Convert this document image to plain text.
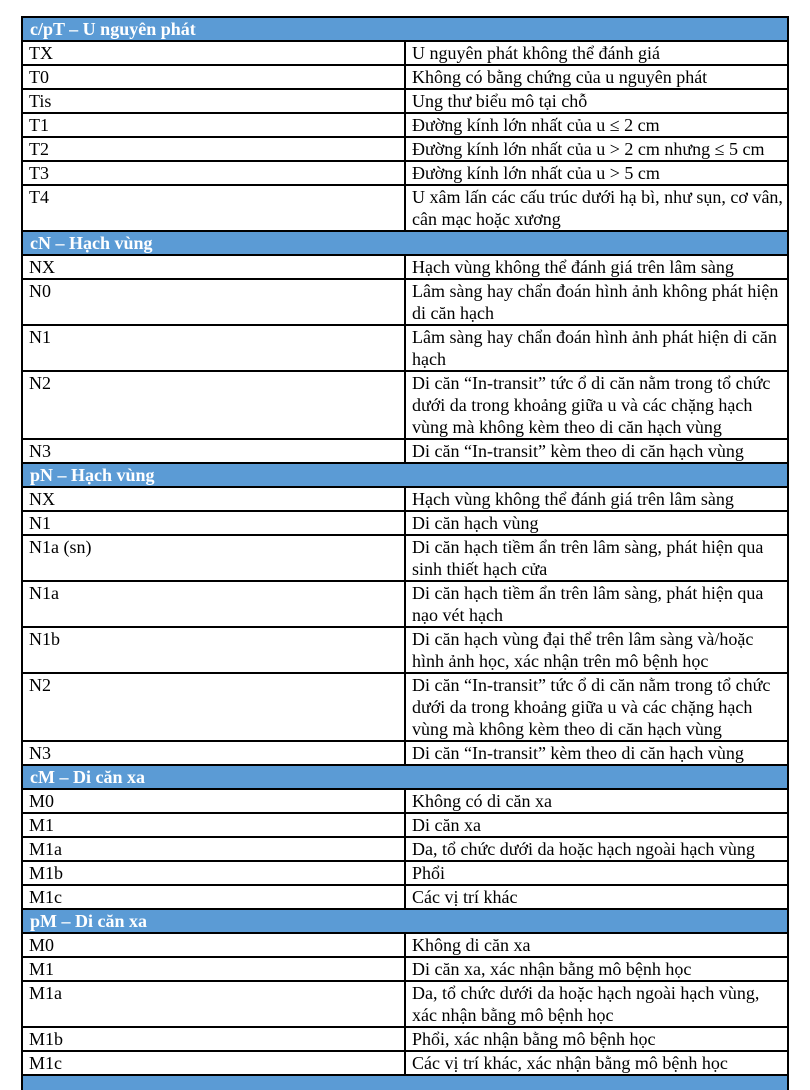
c/pT – U nguyên phát	
TX	U nguyên phát không thể đánh giá
T0	Không có bằng chứng của u nguyên phát
Tis	Ung thư biểu mô tại chỗ
T1	Đường kính lớn nhất của u ≤ 2 cm
T2	Đường kính lớn nhất của u > 2 cm nhưng ≤ 5 cm
T3	Đường kính lớn nhất của u > 5 cm
T4	U xâm lấn các cấu trúc dưới hạ bì, như sụn, cơ vân, cân mạc hoặc xương
cN – Hạch vùng	
NX	Hạch vùng không thể đánh giá trên lâm sàng
N0	Lâm sàng hay chẩn đoán hình ảnh không phát hiện di căn hạch
N1	Lâm sàng hay chẩn đoán hình ảnh phát hiện di căn hạch
N2	Di căn “In-transit” tức ổ di căn nằm trong tổ chức dưới da trong khoảng giữa u và các chặng hạch vùng mà không kèm theo di căn hạch vùng
N3	Di căn “In-transit” kèm theo di căn hạch vùng
pN – Hạch vùng	
NX	Hạch vùng không thể đánh giá trên lâm sàng
N1	Di căn hạch vùng
N1a (sn)	Di căn hạch tiềm ẩn trên lâm sàng, phát hiện qua sinh thiết hạch cửa
N1a	Di căn hạch tiềm ẩn trên lâm sàng, phát hiện qua nạo vét hạch
N1b	Di căn hạch vùng đại thể trên lâm sàng và/hoặc hình ảnh học, xác nhận trên mô bệnh học
N2	Di căn “In-transit” tức ổ di căn nằm trong tổ chức dưới da trong khoảng giữa u và các chặng hạch vùng mà không kèm theo di căn hạch vùng
N3	Di căn “In-transit” kèm theo di căn hạch vùng
cM – Di căn xa	
M0	Không có di căn xa
M1	Di căn xa
M1a	Da, tổ chức dưới da hoặc hạch ngoài hạch vùng
M1b	Phổi
M1c	Các vị trí khác
pM – Di căn xa	
M0	Không di căn xa
M1	Di căn xa, xác nhận bằng mô bệnh học
M1a	Da, tổ chức dưới da hoặc hạch ngoài hạch vùng, xác nhận bằng mô bệnh học
M1b	Phổi, xác nhận bằng mô bệnh học
M1c	Các vị trí khác, xác nhận bằng mô bệnh học
